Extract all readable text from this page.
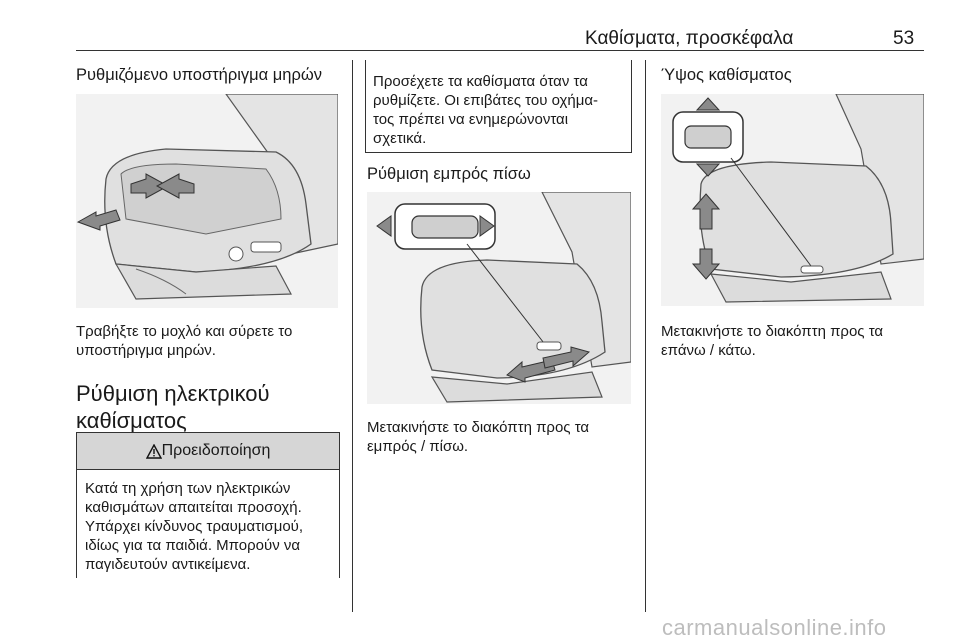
Καθίσματα, προσκέφαλα	53
Ρυθμιζόμενο υποστήριγμα μηρών
Τραβήξτε το μοχλό και σύρετε το
υποστήριγμα μηρών.
Ρύθμιση ηλεκτρικού
καθίσματος
Προειδοποίηση
Κατά τη χρήση των ηλεκτρικών
καθισμάτων απαιτείται προσοχή.
Υπάρχει κίνδυνος τραυματισμού,
ιδίως για τα παιδιά. Μπορούν να
παγιδευτούν αντικείμενα.
Προσέχετε τα καθίσματα όταν τα
ρυθμίζετε. Οι επιβάτες του οχήμα-
τος πρέπει να ενημερώνονται
σχετικά.
Ρύθμιση εμπρός πίσω
Μετακινήστε το διακόπτη προς τα
εμπρός / πίσω.
Ύψος καθίσματος
Μετακινήστε το διακόπτη προς τα
επάνω / κάτω.
carmanualsonline.info
